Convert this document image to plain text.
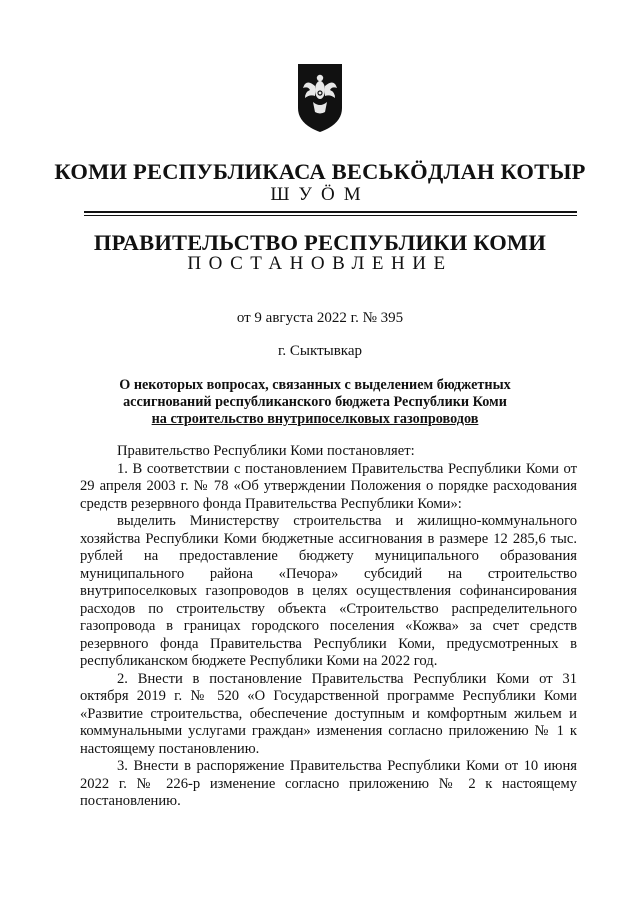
КОМИ РЕСПУБЛИКАСА ВЕСЬКӦДЛАН КОТЫР
ШУӦМ
ПРАВИТЕЛЬСТВО РЕСПУБЛИКИ КОМИ
ПОСТАНОВЛЕНИЕ
от 9 августа 2022 г. № 395
г. Сыктывкар
О некоторых вопросах, связанных с выделением бюджетных
ассигнований республиканского бюджета Республики Коми
на строительство внутрипоселковых газопроводов

Правительство Республики Коми постановляет:

1. В соответствии с постановлением Правительства Республики Коми от 29 апреля 2003 г. № 78 «Об утверждении Положения о порядке расходования средств резервного фонда Правительства Республики Коми»:

выделить Министерству строительства и жилищно-коммунального хозяйства Республики Коми бюджетные ассигнования в размере 12 285,6 тыс. рублей на предоставление бюджету муниципального образования муниципального района «Печора» субсидий на строительство внутрипоселковых газопроводов в целях осуществления софинансирования расходов по строительству объекта «Строительство распределительного газопровода в границах городского поселения «Кожва» за счет средств резервного фонда Правительства Республики Коми, предусмотренных в республиканском бюджете Республики Коми на 2022 год.

2. Внести в постановление Правительства Республики Коми от 31 октября 2019 г. № 520 «О Государственной программе Республики Коми «Развитие строительства, обеспечение доступным и комфортным жильем и коммунальными услугами граждан» изменения согласно приложению № 1 к настоящему постановлению.

3. Внести в распоряжение Правительства Республики Коми от 10 июня 2022 г. № 226-р изменение согласно приложению № 2 к настоящему постановлению.
